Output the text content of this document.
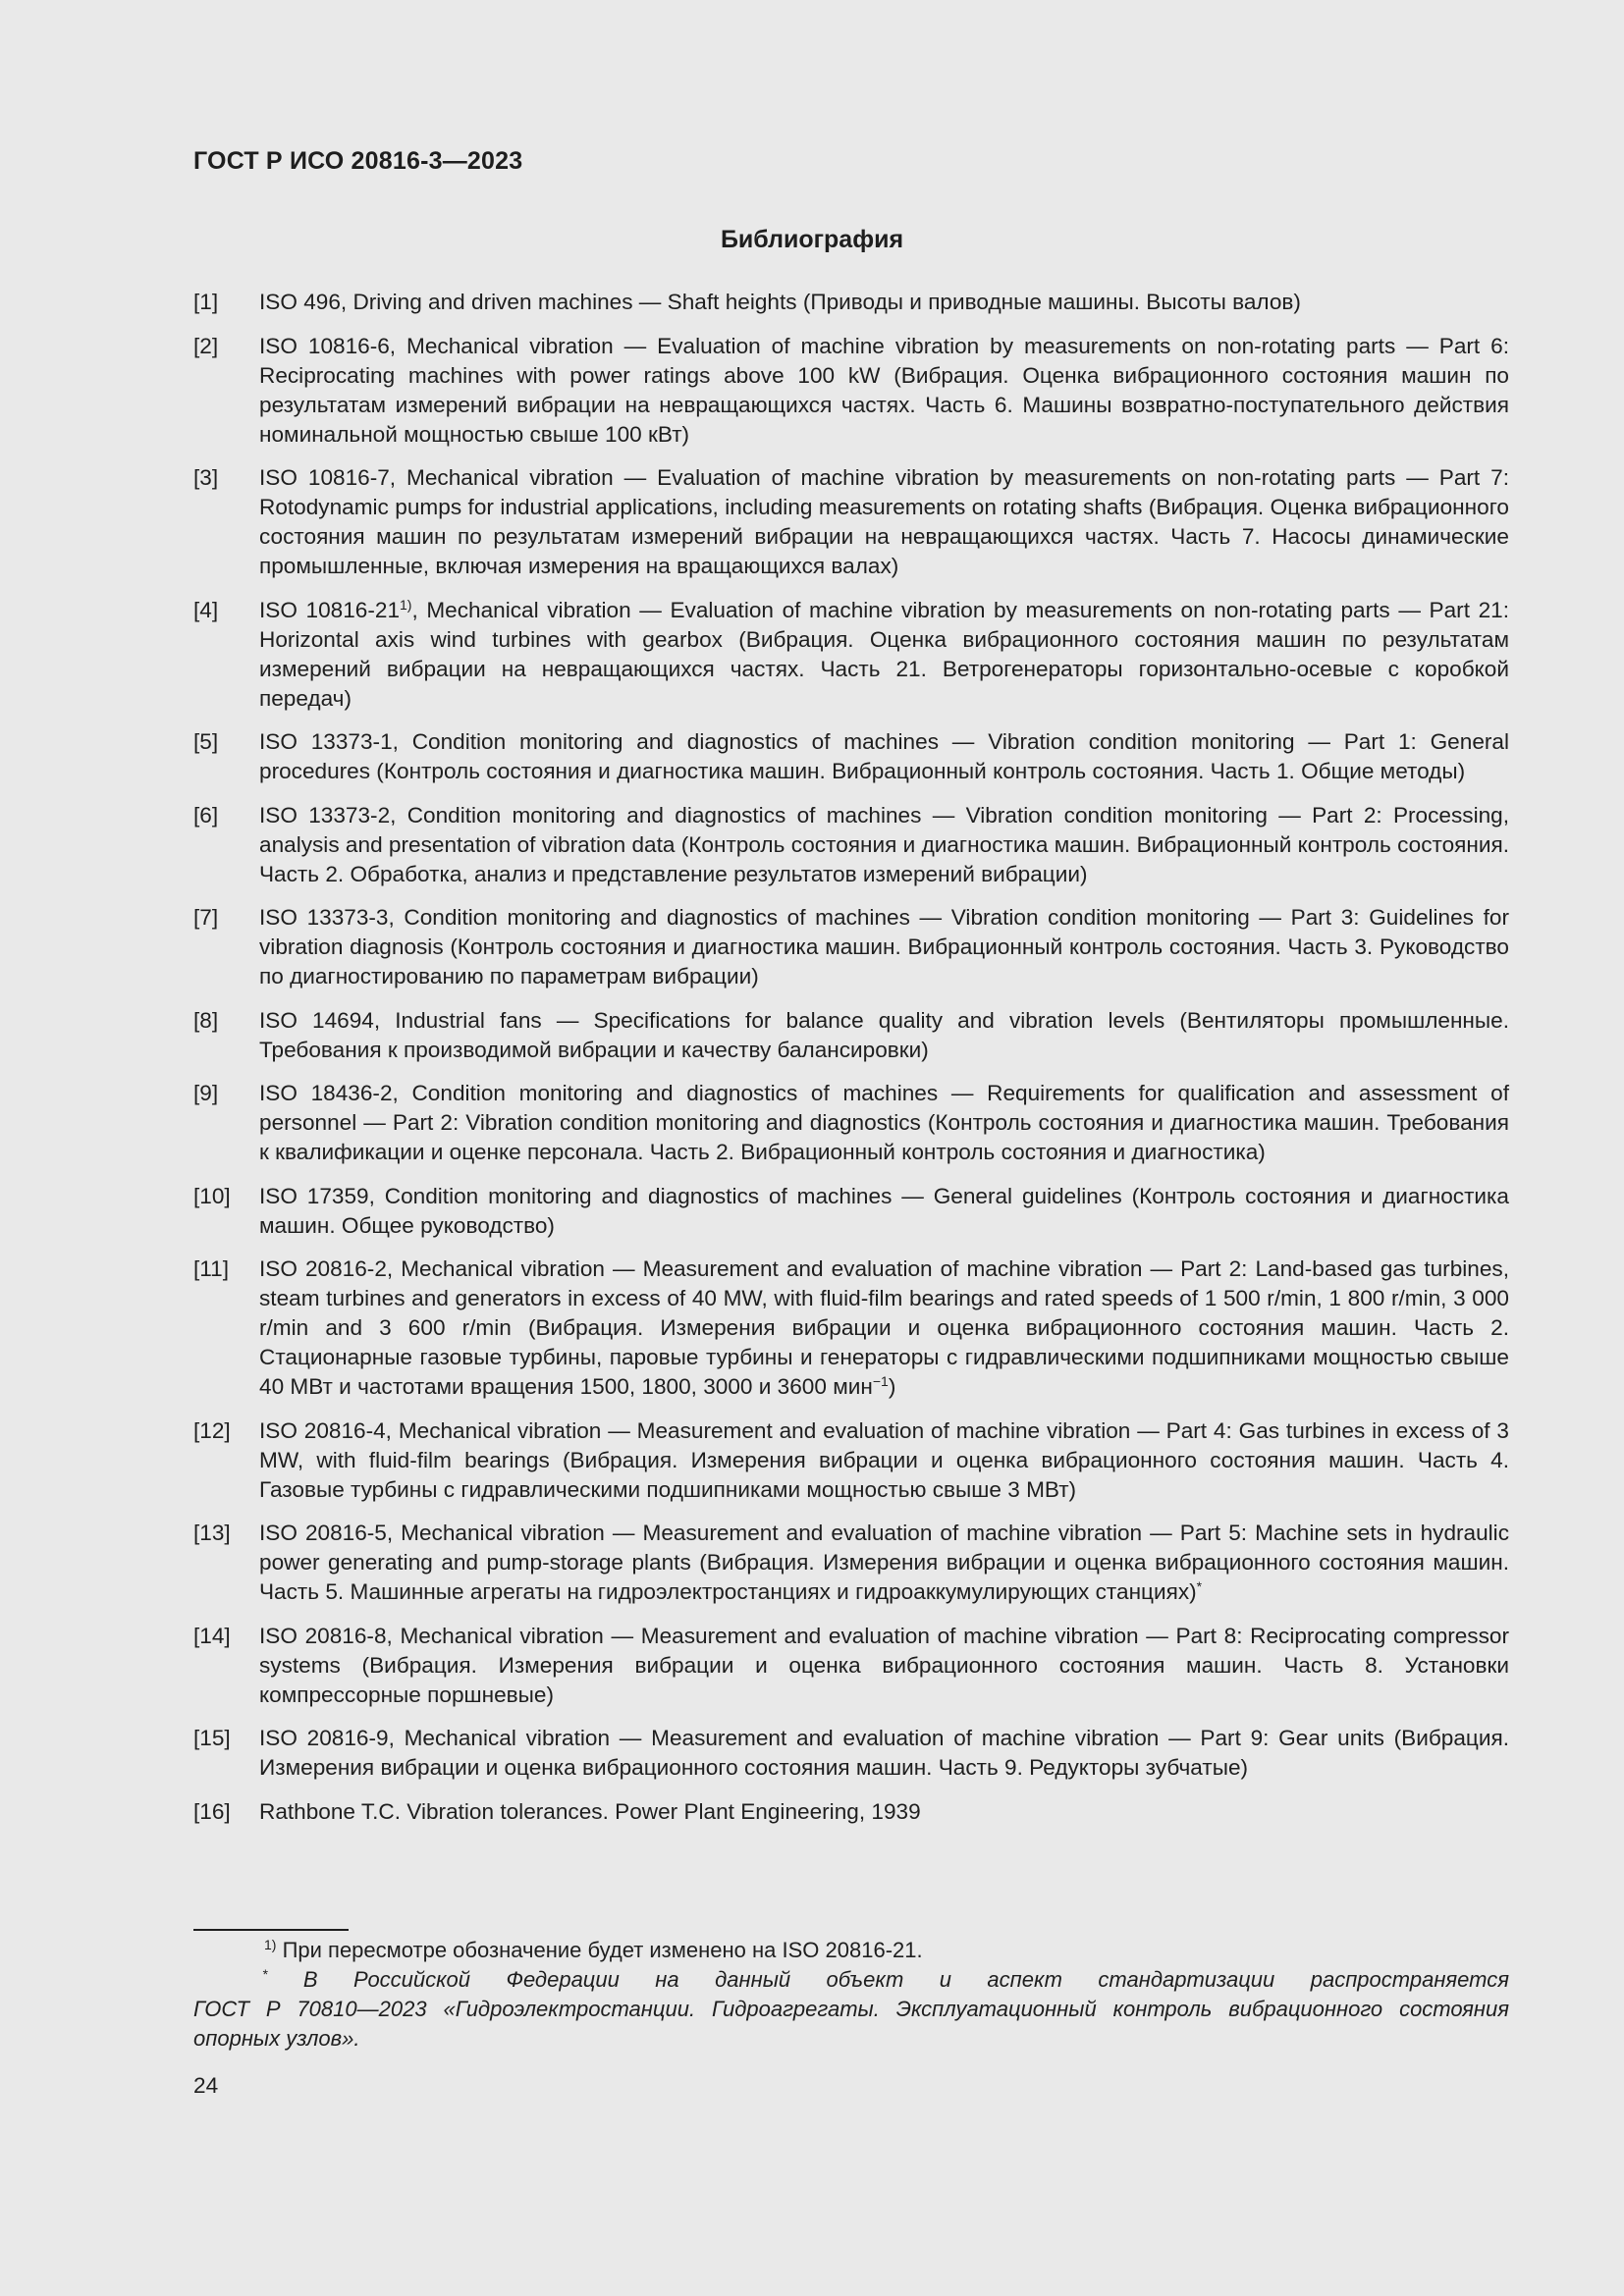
ГОСТ Р ИСО 20816-3—2023
Библиография
[1] ISO 496, Driving and driven machines — Shaft heights (Приводы и приводные машины. Высоты валов)
[2] ISO 10816-6, Mechanical vibration — Evaluation of machine vibration by measurements on non-rotating parts — Part 6: Reciprocating machines with power ratings above 100 kW (Вибрация. Оценка вибрационного состояния машин по результатам измерений вибрации на невращающихся частях. Часть 6. Машины возвратно-поступательного действия номинальной мощностью свыше 100 кВт)
[3] ISO 10816-7, Mechanical vibration — Evaluation of machine vibration by measurements on non-rotating parts — Part 7: Rotodynamic pumps for industrial applications, including measurements on rotating shafts (Вибрация. Оценка вибрационного состояния машин по результатам измерений вибрации на невращающихся частях. Часть 7. Насосы динамические промышленные, включая измерения на вращающихся валах)
[4] ISO 10816-21$^{1)}$, Mechanical vibration — Evaluation of machine vibration by measurements on non-rotating parts — Part 21: Horizontal axis wind turbines with gearbox (Вибрация. Оценка вибрационного состояния машин по результатам измерений вибрации на невращающихся частях. Часть 21. Ветрогенераторы горизонтально-осевые с коробкой передач)
[5] ISO 13373-1, Condition monitoring and diagnostics of machines — Vibration condition monitoring — Part 1: General procedures (Контроль состояния и диагностика машин. Вибрационный контроль состояния. Часть 1. Общие методы)
[6] ISO 13373-2, Condition monitoring and diagnostics of machines — Vibration condition monitoring — Part 2: Processing, analysis and presentation of vibration data (Контроль состояния и диагностика машин. Вибрационный контроль состояния. Часть 2. Обработка, анализ и представление результатов измерений вибрации)
[7] ISO 13373-3, Condition monitoring and diagnostics of machines — Vibration condition monitoring — Part 3: Guidelines for vibration diagnosis (Контроль состояния и диагностика машин. Вибрационный контроль состояния. Часть 3. Руководство по диагностированию по параметрам вибрации)
[8] ISO 14694, Industrial fans — Specifications for balance quality and vibration levels (Вентиляторы промышленные. Требования к производимой вибрации и качеству балансировки)
[9] ISO 18436-2, Condition monitoring and diagnostics of machines — Requirements for qualification and assessment of personnel — Part 2: Vibration condition monitoring and diagnostics (Контроль состояния и диагностика машин. Требования к квалификации и оценке персонала. Часть 2. Вибрационный контроль состояния и диагностика)
[10] ISO 17359, Condition monitoring and diagnostics of machines — General guidelines (Контроль состояния и диагностика машин. Общее руководство)
[11] ISO 20816-2, Mechanical vibration — Measurement and evaluation of machine vibration — Part 2: Land-based gas turbines, steam turbines and generators in excess of 40 MW, with fluid-film bearings and rated speeds of 1 500 r/min, 1 800 r/min, 3 000 r/min and 3 600 r/min (Вибрация. Измерения вибрации и оценка вибрационного состояния машин. Часть 2. Стационарные газовые турбины, паровые турбины и генераторы с гидравлическими подшипниками мощностью свыше 40 МВт и частотами вращения 1500, 1800, 3000 и 3600 мин$^{-1}$)
[12] ISO 20816-4, Mechanical vibration — Measurement and evaluation of machine vibration — Part 4: Gas turbines in excess of 3 MW, with fluid-film bearings (Вибрация. Измерения вибрации и оценка вибрационного состояния машин. Часть 4. Газовые турбины с гидравлическими подшипниками мощностью свыше 3 МВт)
[13] ISO 20816-5, Mechanical vibration — Measurement and evaluation of machine vibration — Part 5: Machine sets in hydraulic power generating and pump-storage plants (Вибрация. Измерения вибрации и оценка вибрационного состояния машин. Часть 5. Машинные агрегаты на гидроэлектростанциях и гидроаккумулирующих станциях)*
[14] ISO 20816-8, Mechanical vibration — Measurement and evaluation of machine vibration — Part 8: Reciprocating compressor systems (Вибрация. Измерения вибрации и оценка вибрационного состояния машин. Часть 8. Установки компрессорные поршневые)
[15] ISO 20816-9, Mechanical vibration — Measurement and evaluation of machine vibration — Part 9: Gear units (Вибрация. Измерения вибрации и оценка вибрационного состояния машин. Часть 9. Редукторы зубчатые)
[16] Rathbone T.C. Vibration tolerances. Power Plant Engineering, 1939
$^{1)}$ При пересмотре обозначение будет изменено на ISO 20816-21.
* В Российской Федерации на данный объект и аспект стандартизации распространяется
ГОСТ Р 70810—2023 «Гидроэлектростанции. Гидроагрегаты. Эксплуатационный контроль вибрационного состояния опорных узлов».
24
